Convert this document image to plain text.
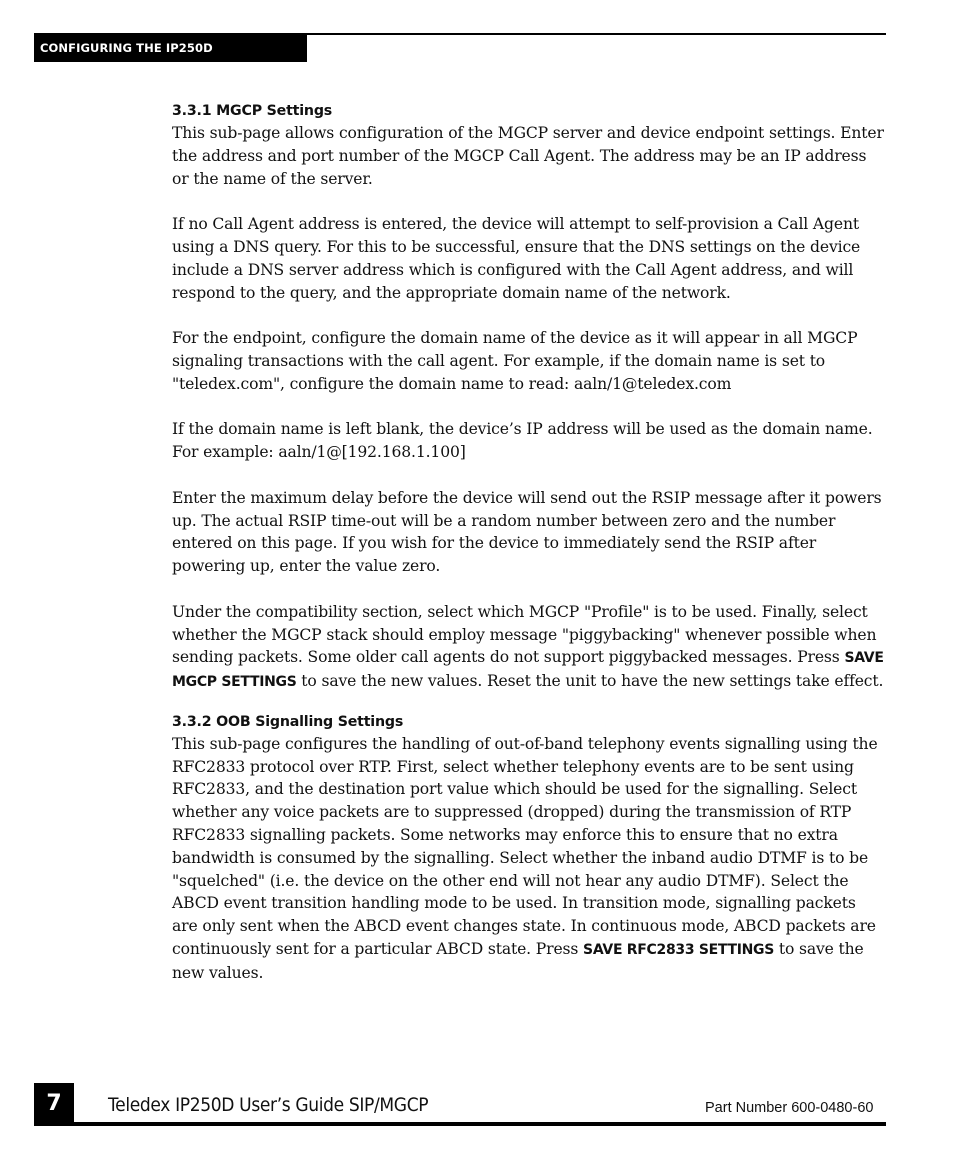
CONFIGURING THE IP250D
3.3.1 MGCP Settings

This sub-page allows configuration of the MGCP server and device endpoint settings. Enter the address and port number of the MGCP Call Agent. The address may be an IP address or the name of the server.

If no Call Agent address is entered, the device will attempt to self-provision a Call Agent using a DNS query. For this to be successful, ensure that the DNS settings on the device include a DNS server address which is configured with the Call Agent address, and will respond to the query, and the appropriate domain name of the network.

For the endpoint, configure the domain name of the device as it will appear in all MGCP signaling transactions with the call agent. For example, if the domain name is set to "teledex.com", configure the domain name to read: aaln/1@teledex.com

If the domain name is left blank, the device’s IP address will be used as the domain name. For example: aaln/1@[192.168.1.100]

Enter the maximum delay before the device will send out the RSIP message after it powers up. The actual RSIP time-out will be a random number between zero and the number entered on this page. If you wish for the device to immediately send the RSIP after powering up, enter the value zero.

Under the compatibility section, select which MGCP "Profile" is to be used. Finally, select whether the MGCP stack should employ message "piggybacking" whenever possible when sending packets. Some older call agents do not support piggybacked messages. Press SAVE MGCP SETTINGS to save the new values. Reset the unit to have the new settings take effect.

3.3.2 OOB Signalling Settings

This sub-page configures the handling of out-of-band telephony events signalling using the RFC2833 protocol over RTP. First, select whether telephony events are to be sent using RFC2833, and the destination port value which should be used for the signalling. Select whether any voice packets are to suppressed (dropped) during the transmission of RTP RFC2833 signalling packets. Some networks may enforce this to ensure that no extra bandwidth is consumed by the signalling. Select whether the inband audio DTMF is to be "squelched" (i.e. the device on the other end will not hear any audio DTMF). Select the ABCD event transition handling mode to be used. In transition mode, signalling packets are only sent when the ABCD event changes state. In continuous mode, ABCD packets are continuously sent for a particular ABCD state. Press SAVE RFC2833 SETTINGS to save the new values.

7	Teledex IP250D User’s Guide SIP/MGCP	Part Number 600-0480-60
